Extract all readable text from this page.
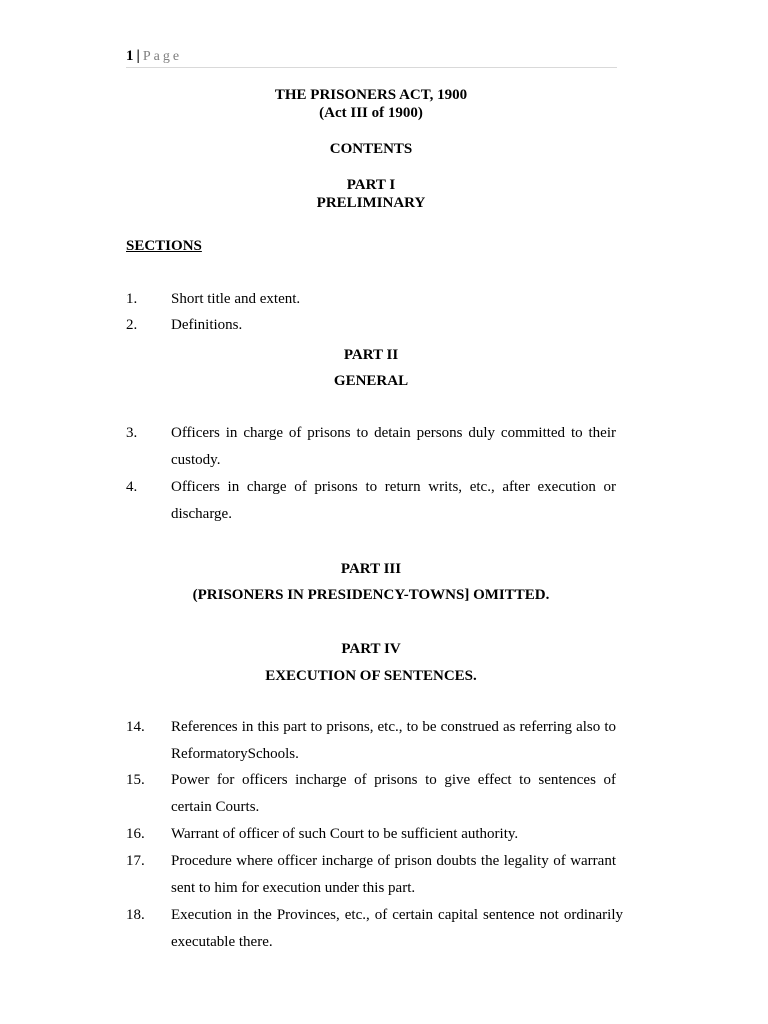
1 | Page
THE PRISONERS ACT, 1900
(Act III of 1900)
CONTENTS
PART I
PRELIMINARY
SECTIONS
1. Short title and extent.
2. Definitions.
PART II
GENERAL
3. Officers in charge of prisons to detain persons duly committed to their custody.
4. Officers in charge of prisons to return writs, etc., after execution or discharge.
PART III
(PRISONERS IN PRESIDENCY-TOWNS] OMITTED.
PART IV
EXECUTION OF SENTENCES.
14. References in this part to prisons, etc., to be construed as referring also to ReformatorySchools.
15. Power for officers incharge of prisons to give effect to sentences of certain Courts.
16. Warrant of officer of such Court to be sufficient authority.
17. Procedure where officer incharge of prison doubts the legality of warrant sent to him for execution under this part.
18. Execution in the Provinces, etc., of certain capital sentence not ordinarily executable there.
